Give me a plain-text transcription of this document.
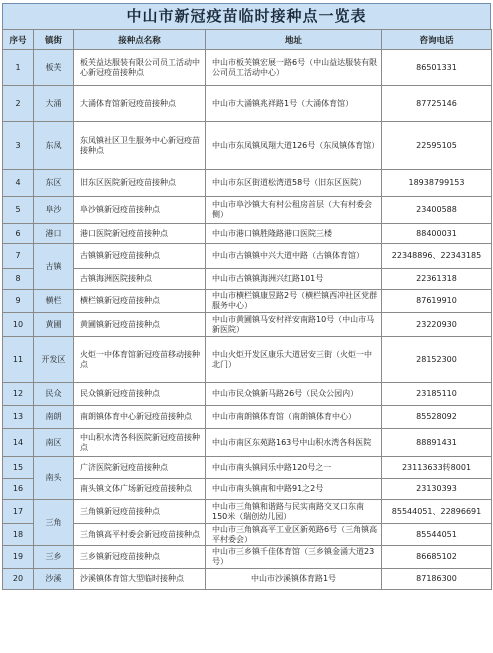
中山市新冠疫苗临时接种点一览表
序号	镇街	接种点名称	地址	咨询电话
1	板芙	板芙益达服装有限公司员工活动中心新冠疫苗接种点	中山市板芙镇宏展一路6号（中山益达服装有限公司员工活动中心）	86501331
2	大涌	大涌体育馆新冠疫苗接种点	中山市大涌镇兆祥路1号（大涌体育馆）	87725146
3	东凤	东凤镇社区卫生服务中心新冠疫苗接种点	中山市东凤镇凤翔大道126号（东凤镇体育馆）	22595105
4	东区	旧东区医院新冠疫苗接种点	中山市东区街道松湾道58号（旧东区医院）	18938799153
5	阜沙	阜沙镇新冠疫苗接种点	中山市阜沙镇大有村公租房首层（大有村委会侧）	23400588
6	港口	港口医院新冠疫苗接种点	中山市港口镇胜隆路港口医院三楼	88400031
7	古镇	古镇镇新冠疫苗接种点	中山市古镇镇中兴大道中路（古镇体育馆）	22348896、22343185
8		古镇海洲医院接种点	中山市古镇镇海洲兴红路101号	22361318
9	横栏	横栏镇新冠疫苗接种点	中山市横栏镇康昱路2号（横栏镇西冲社区党群服务中心）	87619910
10	黄圃	黄圃镇新冠疫苗接种点	中山市黄圃镇马安村祥安南路10号（中山市马新医院）	23220930
11	开发区	火炬一中体育馆新冠疫苗移动接种点	中山火炬开发区康乐大道居安三街（火炬一中北门）	28152300
12	民众	民众镇新冠疫苗接种点	中山市民众镇新马路26号（民众公园内）	23185110
13	南朗	南朗镇体育中心新冠疫苗接种点	中山市南朗镇体育馆（南朗镇体育中心）	85528092
14	南区	中山积水湾各科医院新冠疫苗接种点	中山市南区东苑路163号中山积水湾各科医院	88891431
15	南头	广济医院新冠疫苗接种点	中山市南头镇同乐中路120号之一	23113633转8001
16		南头镇文体广场新冠疫苗接种点	中山市南头镇南和中路91之2号	23130393
17	三角	三角镇新冠疫苗接种点	中山市三角镇和谐路与民实南路交叉口东南150米（瑞创幼儿园）	85544051、22896691
18		三角镇高平村委会新冠疫苗接种点	中山市三角镇高平工业区新苑路6号（三角镇高平村委会）	85544051
19	三乡	三乡镇新冠疫苗接种点	中山市三乡镇千佳体育馆（三乡镇金涌大道23号）	86685102
20	沙溪	沙溪镇体育馆大型临时接种点	中山市沙溪镇体育路1号	87186300
